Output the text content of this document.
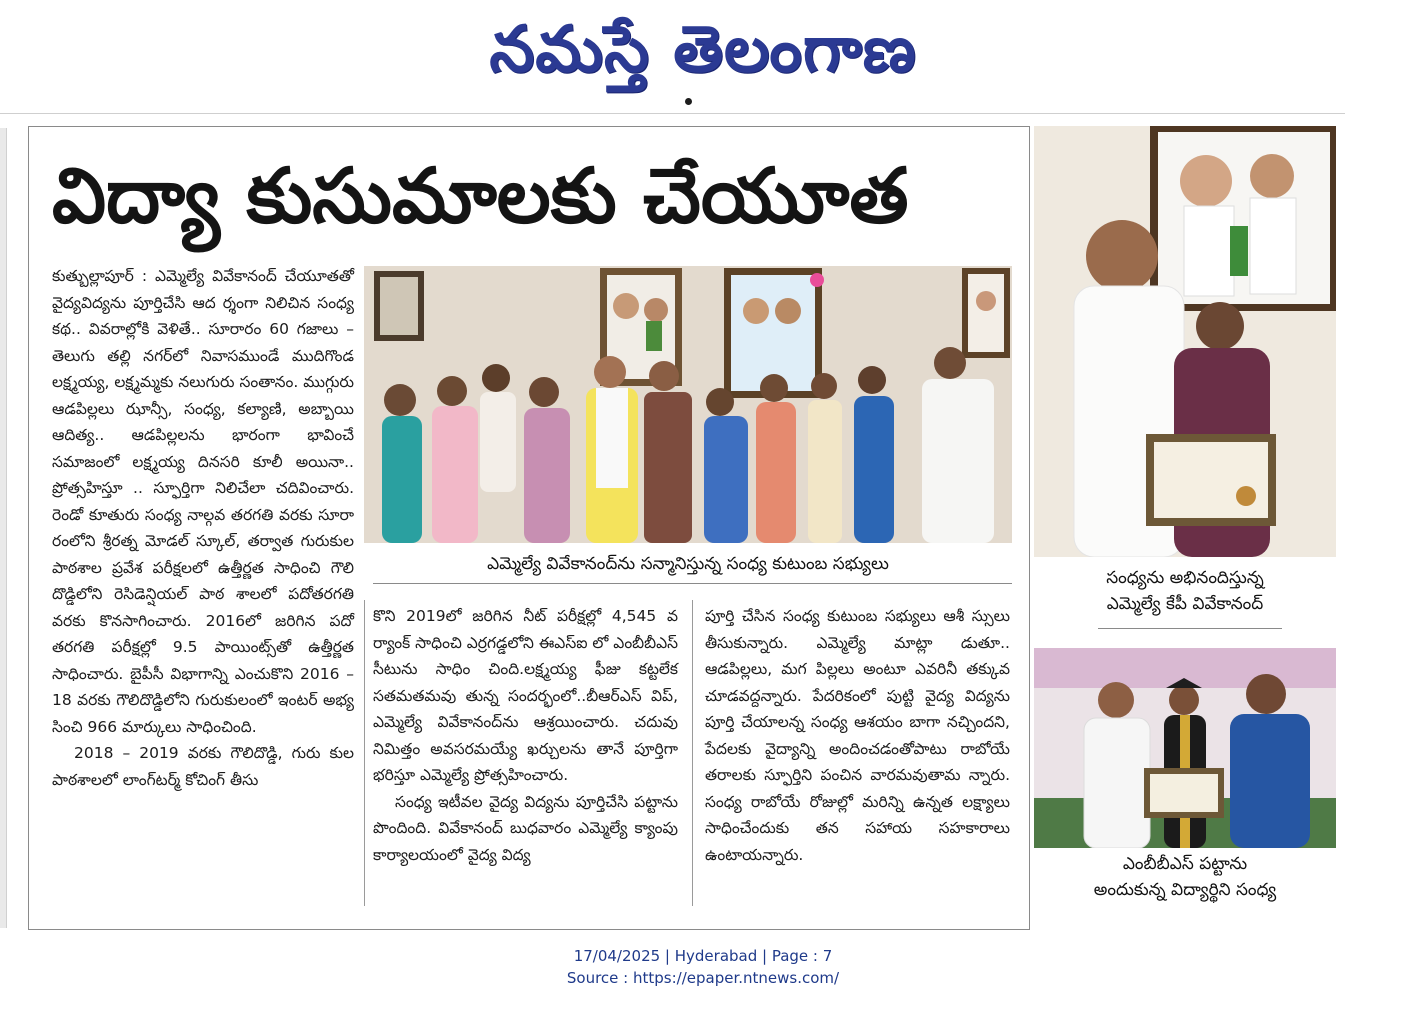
నమస్తే తెలంగాణ
విద్యా కుసుమాలకు చేయూత

కుత్బుల్లాపూర్ : ఎమ్మెల్యే వివేకానంద్ చేయూతతో వైద్యవిద్యను పూర్తిచేసి ఆద ర్శంగా నిలిచిన సంధ్య కథ.. వివరాల్లోకి వెళితే.. సూరారం 60 గజాలు – తెలుగు తల్లి నగర్‌లో నివాసముండే ముదిగొండ లక్ష్మయ్య, లక్ష్మమ్మకు నలుగురు సంతానం. ముగ్గురు ఆడపిల్లలు ఝాన్సీ, సంధ్య, కల్యాణి, అబ్బాయి ఆదిత్య.. ఆడపిల్లలను భారంగా భావించే సమాజంలో లక్ష్మయ్య దినసరి కూలీ అయినా.. ప్రోత్సహిస్తూ .. స్ఫూర్తిగా నిలిచేలా చదివించారు. రెండో కూతురు సంధ్య నాల్గవ తరగతి వరకు సూరా రంలోని శ్రీరత్న మోడల్ స్కూల్, తర్వాత గురుకుల పాఠశాల ప్రవేశ పరీక్షలలో ఉత్తీర్ణత సాధించి గౌలి దొడ్డిలోని రెసిడెన్షియల్ పాఠ శాలలో పదోతరగతి వరకు కొనసాగించారు. 2016లో జరిగిన పదో తరగతి పరీక్షల్లో 9.5 పాయింట్స్‌తో ఉత్తీర్ణత సాధించారు. బైపీసీ విభాగాన్ని ఎంచుకొని 2016 – 18 వరకు గౌలిదొడ్డిలోని గురుకులంలో ఇంటర్ అభ్య సించి 966 మార్కులు సాధించింది.

2018 – 2019 వరకు గౌలిదొడ్డి, గురు కుల పాఠశాలలో లాంగ్‌టర్మ్ కోచింగ్ తీసు

కొని 2019లో జరిగిన నీట్ పరీక్షల్లో 4,545 వ ర్యాంక్ సాధించి ఎర్రగడ్డలోని ఈఎస్ఐ లో ఎంబీబీఎస్ సీటును సాధిం చింది.లక్ష్మయ్య ఫీజు కట్టలేక సతమతమవు తున్న సందర్భంలో..బీఆర్ఎస్ విప్, ఎమ్మెల్యే వివేకానంద్‌ను ఆశ్రయించారు. చదువు నిమిత్తం అవసరమయ్యే ఖర్చులను తానే పూర్తిగా భరిస్తూ ఎమ్మెల్యే ప్రోత్సహించారు.

సంధ్య ఇటీవల వైద్య విద్యను పూర్తిచేసి పట్టాను పొందింది. వివేకానంద్ బుధవారం ఎమ్మెల్యే క్యాంపు కార్యాలయంలో వైద్య విద్య

పూర్తి చేసిన సంధ్య కుటుంబ సభ్యులు ఆశీ స్సులు తీసుకున్నారు. ఎమ్మెల్యే మాట్లా డుతూ.. ఆడపిల్లలు, మగ పిల్లలు అంటూ ఎవరినీ తక్కువ చూడవద్దన్నారు. పేదరికంలో పుట్టి వైద్య విద్యను పూర్తి చేయాలన్న సంధ్య ఆశయం బాగా నచ్చిందని, పేదలకు వైద్యాన్ని అందించడంతోపాటు రాబోయే తరాలకు స్ఫూర్తిని పంచిన వారమవుతామ న్నారు. సంధ్య రాబోయే రోజుల్లో మరిన్ని ఉన్నత లక్ష్యాలు సాధించేందుకు తన సహాయ సహకారాలు ఉంటాయన్నారు.

ఎమ్మెల్యే వివేకానంద్‌ను సన్మానిస్తున్న సంధ్య కుటుంబ సభ్యులు
సంధ్యను అభినందిస్తున్న
ఎమ్మెల్యే కేపీ వివేకానంద్
ఎంబీబీఎస్ పట్టాను
అందుకున్న విద్యార్థిని సంధ్య
17/04/2025 | Hyderabad | Page : 7
Source : https://epaper.ntnews.com/
